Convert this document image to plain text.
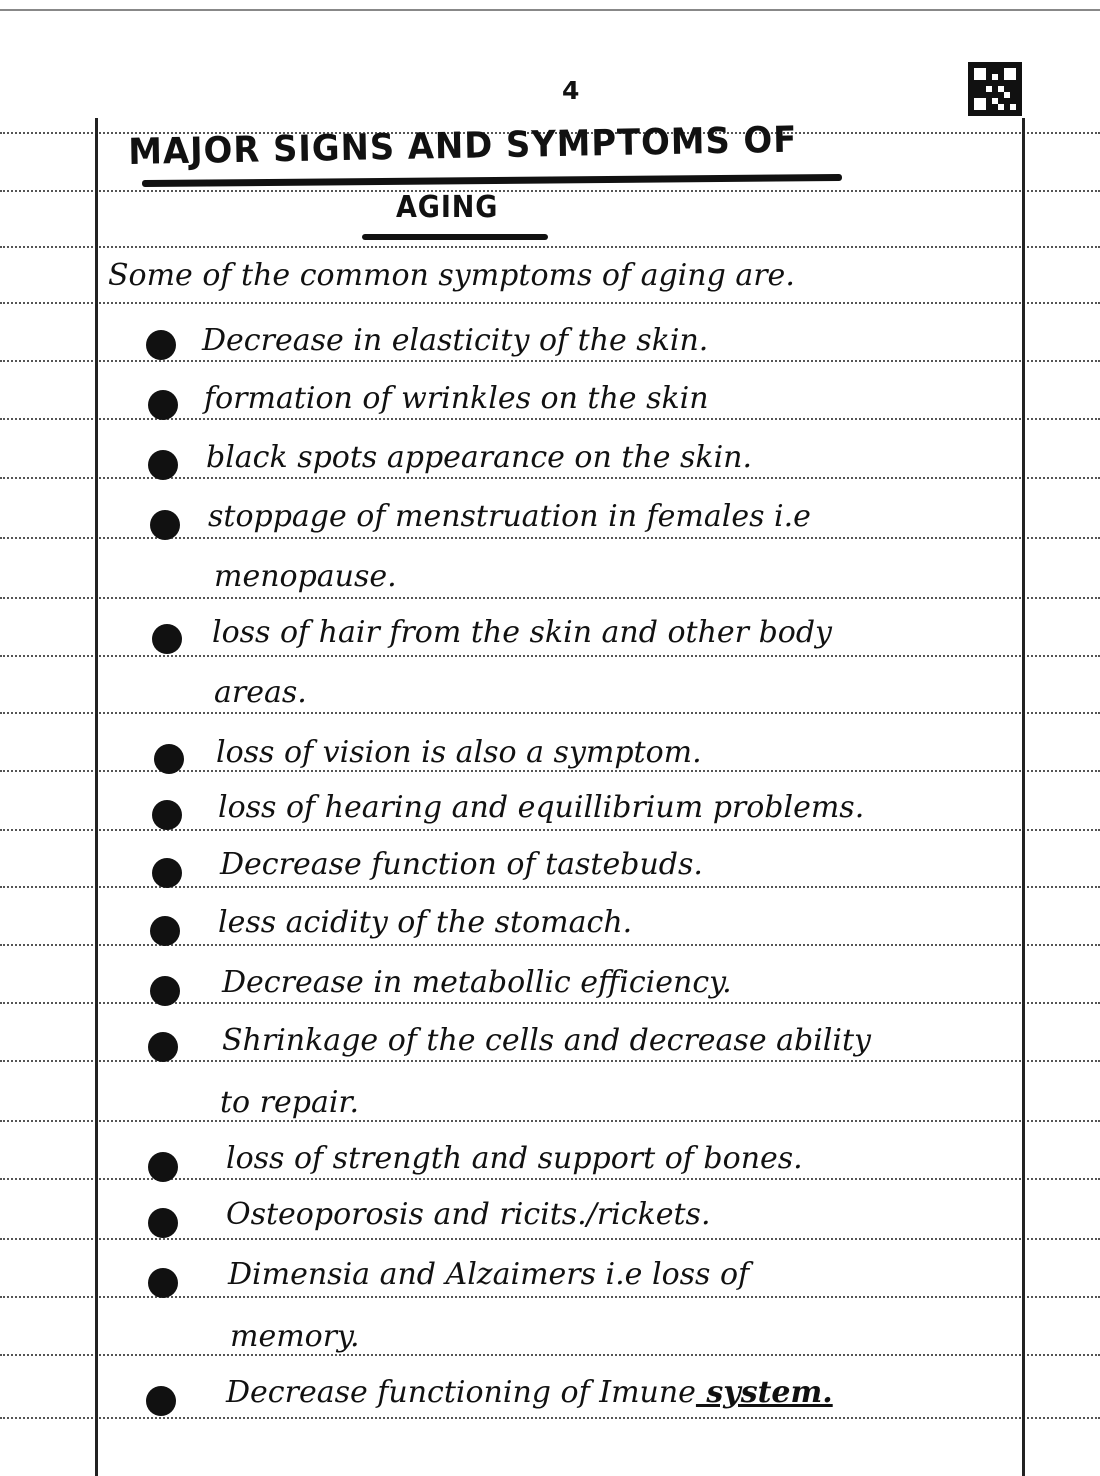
4
MAJOR SIGNS AND SYMPTOMS OF
AGING
Some of the common symptoms of aging are.
Decrease in elasticity of the skin.
formation of wrinkles on the skin
black spots appearance on the skin.
stoppage of menstruation in females i.e
menopause.
loss of hair from the skin and other body
areas.
loss of vision is also a symptom.
loss of hearing and equillibrium problems.
Decrease function of tastebuds.
less acidity of the stomach.
Decrease in metabollic efficiency.
Shrinkage of the cells and decrease ability
to repair.
loss of strength and support of bones.
Osteoporosis and ricits./rickets.
Dimensia and Alzaimers i.e loss of
memory.
Decrease functioning of Imune system.
